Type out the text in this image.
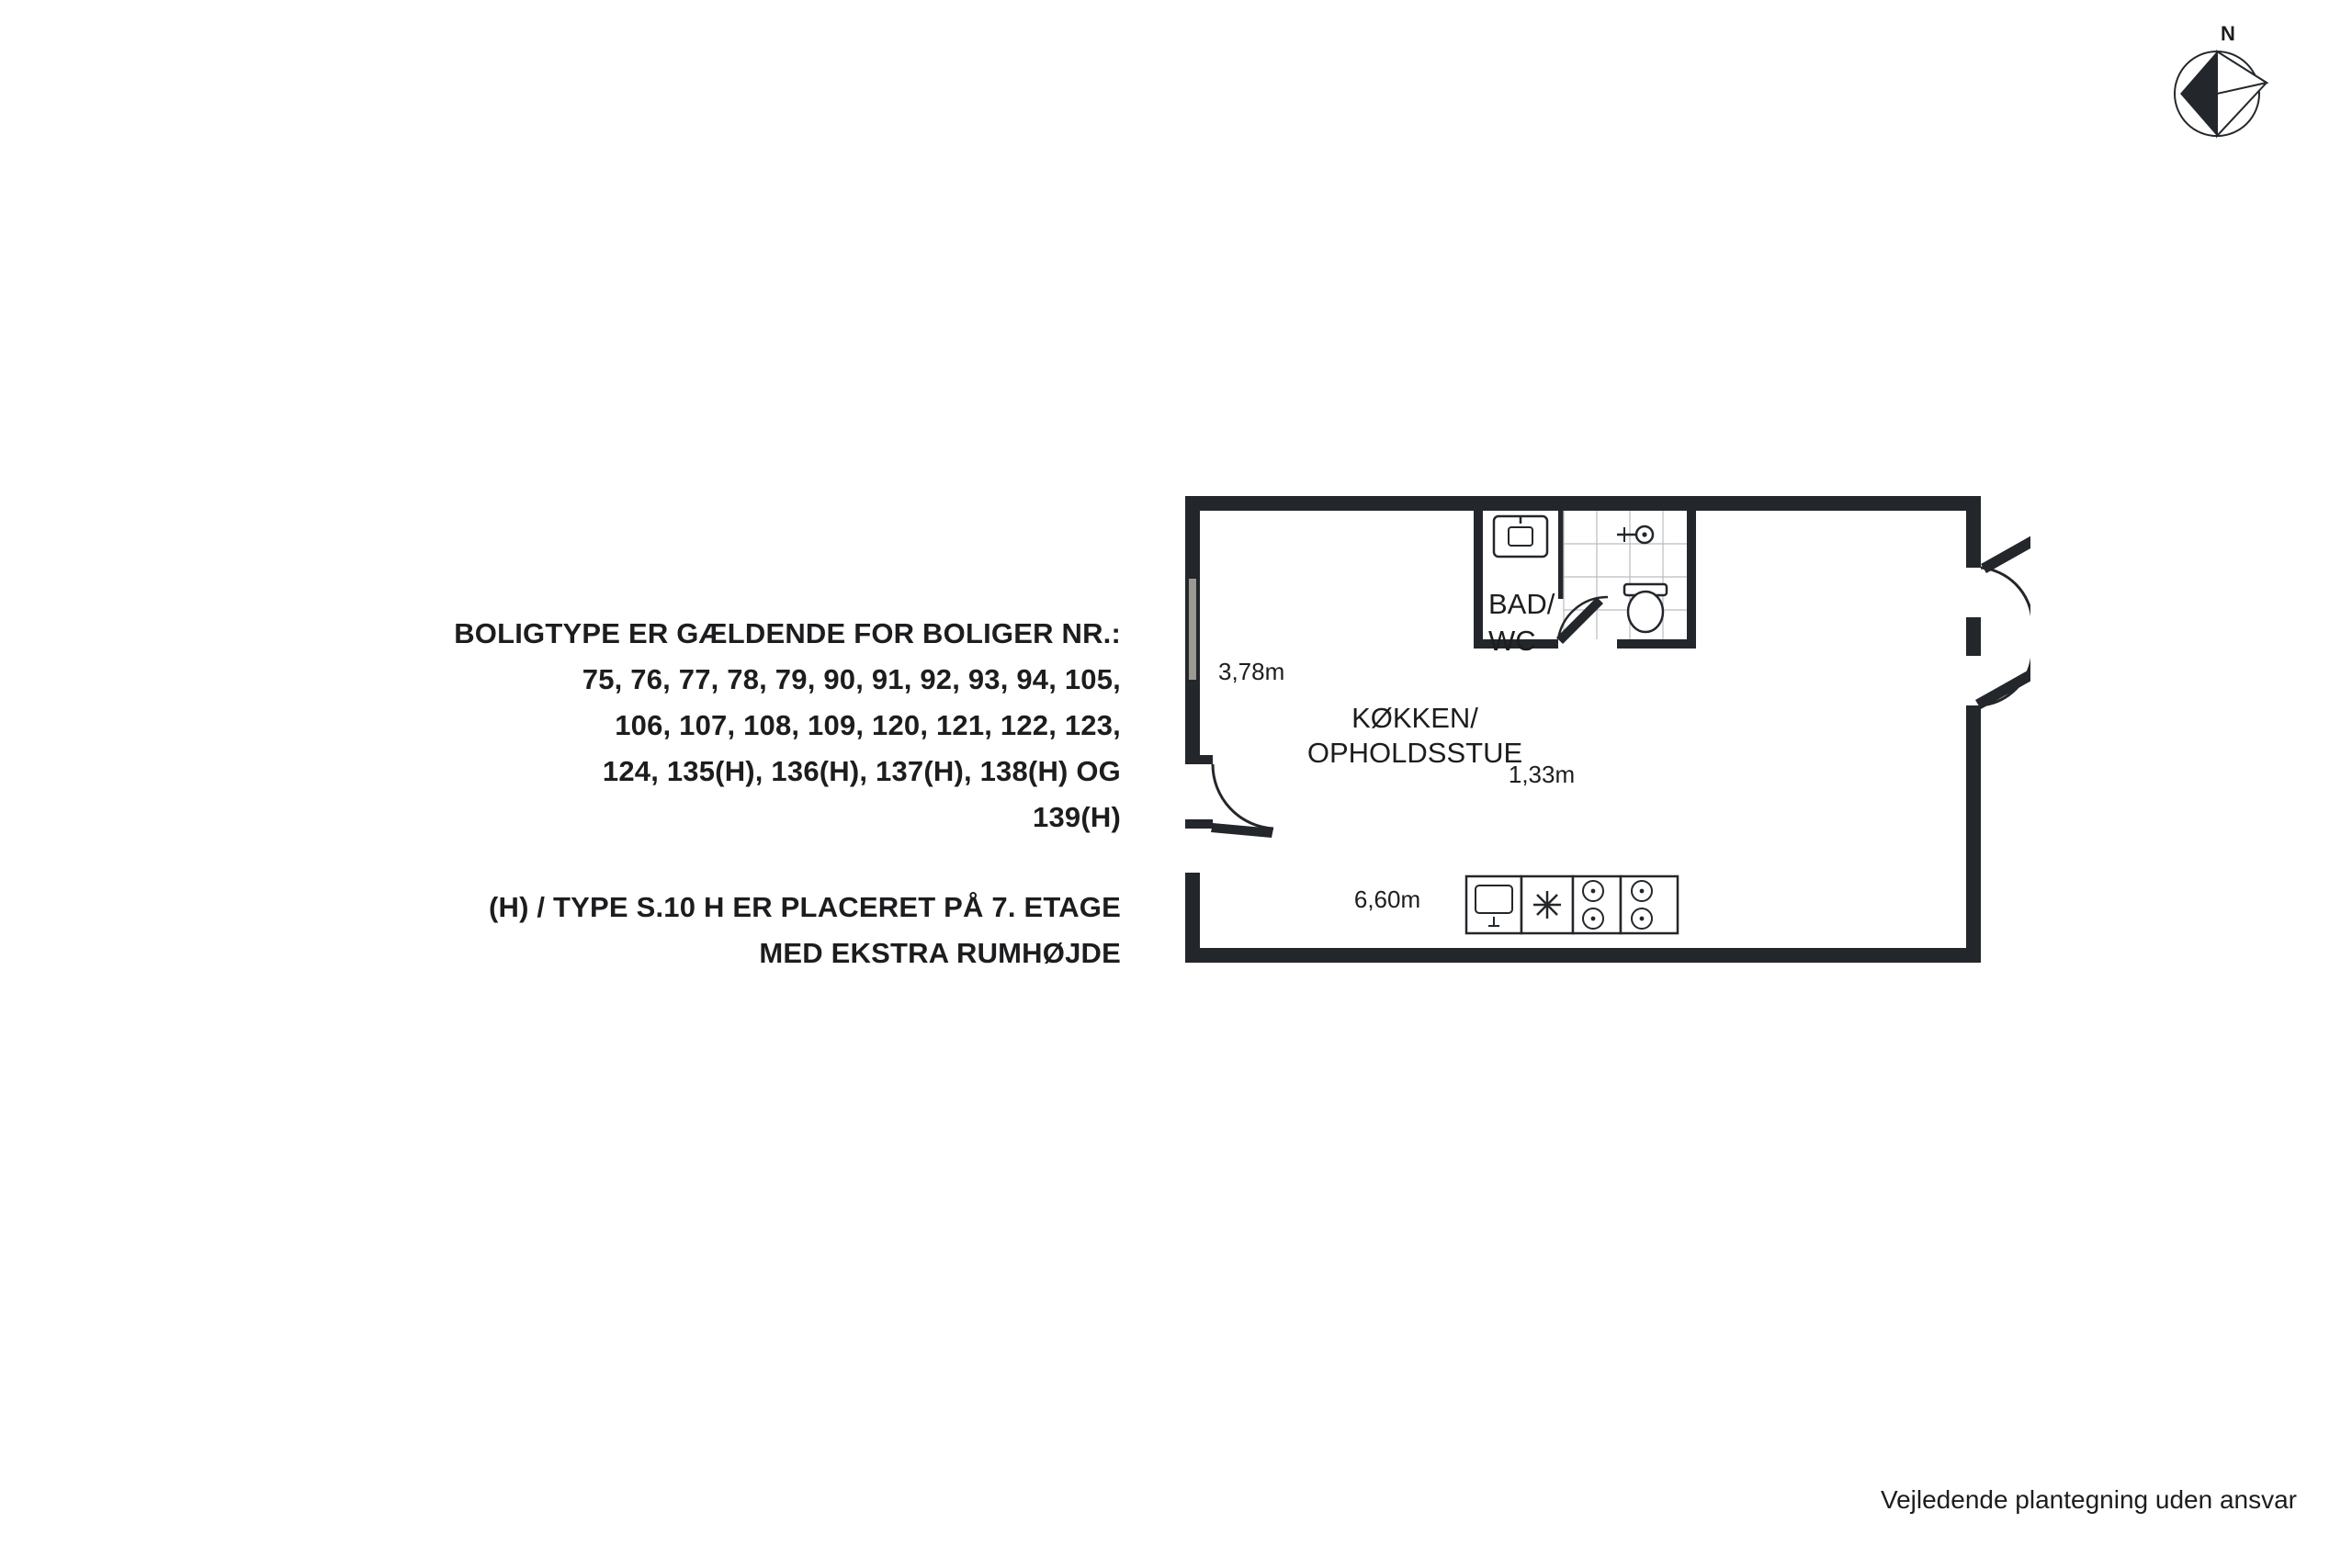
BOLIGTYPE ER GÆLDENDE FOR BOLIGER NR.:
75, 76, 77, 78, 79, 90, 91, 92, 93, 94, 105,
106, 107, 108, 109, 120, 121, 122, 123,
124, 135(H), 136(H), 137(H), 138(H) OG
139(H)
(H) / TYPE S.10 H ER PLACERET PÅ 7. ETAGE
MED EKSTRA RUMHØJDE
N
KØKKEN/
OPHOLDSSTUE
BAD/
WC
3,78m
1,33m
6,60m
Vejledende plantegning uden ansvar
